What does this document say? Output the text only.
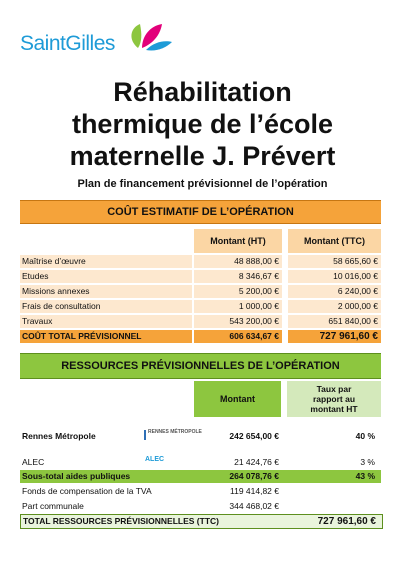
SaintGilles
Réhabilitation
thermique de l’école
maternelle J. Prévert
Plan de financement prévisionnel de l’opération
COÛT ESTIMATIF DE L’OPÉRATION
Montant (HT)	Montant (TTC)
Maîtrise d’œuvre	48 888,00 €	58 665,60 €
Etudes	8 346,67 €	10 016,00 €
Missions annexes	5 200,00 €	6 240,00 €
Frais de consultation	1 000,00 €	2 000,00 €
Travaux	543 200,00 €	651 840,00 €
COÛT TOTAL PRÉVISIONNEL	606 634,67 €	727 961,60 €
RESSOURCES PRÉVISIONNELLES DE L’OPÉRATION
Montant
Taux par
rapport au
montant HT
Rennes Métropole	RENNES MÉTROPOLE	242 654,00 €	40 %
ALEC	ALEC	21 424,76 €	3 %
Sous-total aides publiques	264 078,76 €	43 %
Fonds de compensation de la TVA	119 414,82 €
Part communale	344 468,02 €
TOTAL RESSOURCES PRÉVISIONNELLES (TTC)	727 961,60 €
